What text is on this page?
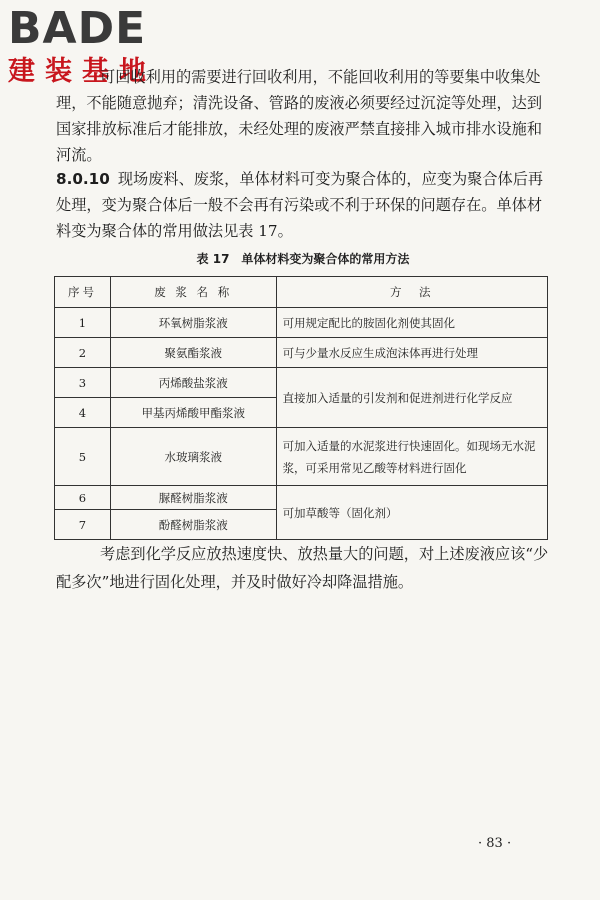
BADE
建装基地
可回收利用的需要进行回收利用，不能回收利用的等要集中收集处理，不能随意抛弃；清洗设备、管路的废液必须要经过沉淀等处理，达到国家排放标准后才能排放，未经处理的废液严禁直接排入城市排水设施和河流。
8.0.10 现场废料、废浆，单体材料可变为聚合体的，应变为聚合体后再处理，变为聚合体后一般不会再有污染或不利于环保的问题存在。单体材料变为聚合体的常用做法见表 17。
表 17　单体材料变为聚合体的常用方法
序号	废 浆 名 称	方　法
1	环氧树脂浆液	可用规定配比的胺固化剂使其固化
2	聚氨酯浆液	可与少量水反应生成泡沫体再进行处理
3	丙烯酸盐浆液	直接加入适量的引发剂和促进剂进行化学反应
4	甲基丙烯酸甲酯浆液	
5	水玻璃浆液	可加入适量的水泥浆进行快速固化。如现场无水泥浆，可采用常见乙酸等材料进行固化
6	脲醛树脂浆液	可加草酸等（固化剂）
7	酚醛树脂浆液	
考虑到化学反应放热速度快、放热量大的问题，对上述废液应该“少配多次”地进行固化处理，并及时做好冷却降温措施。
· 83 ·
